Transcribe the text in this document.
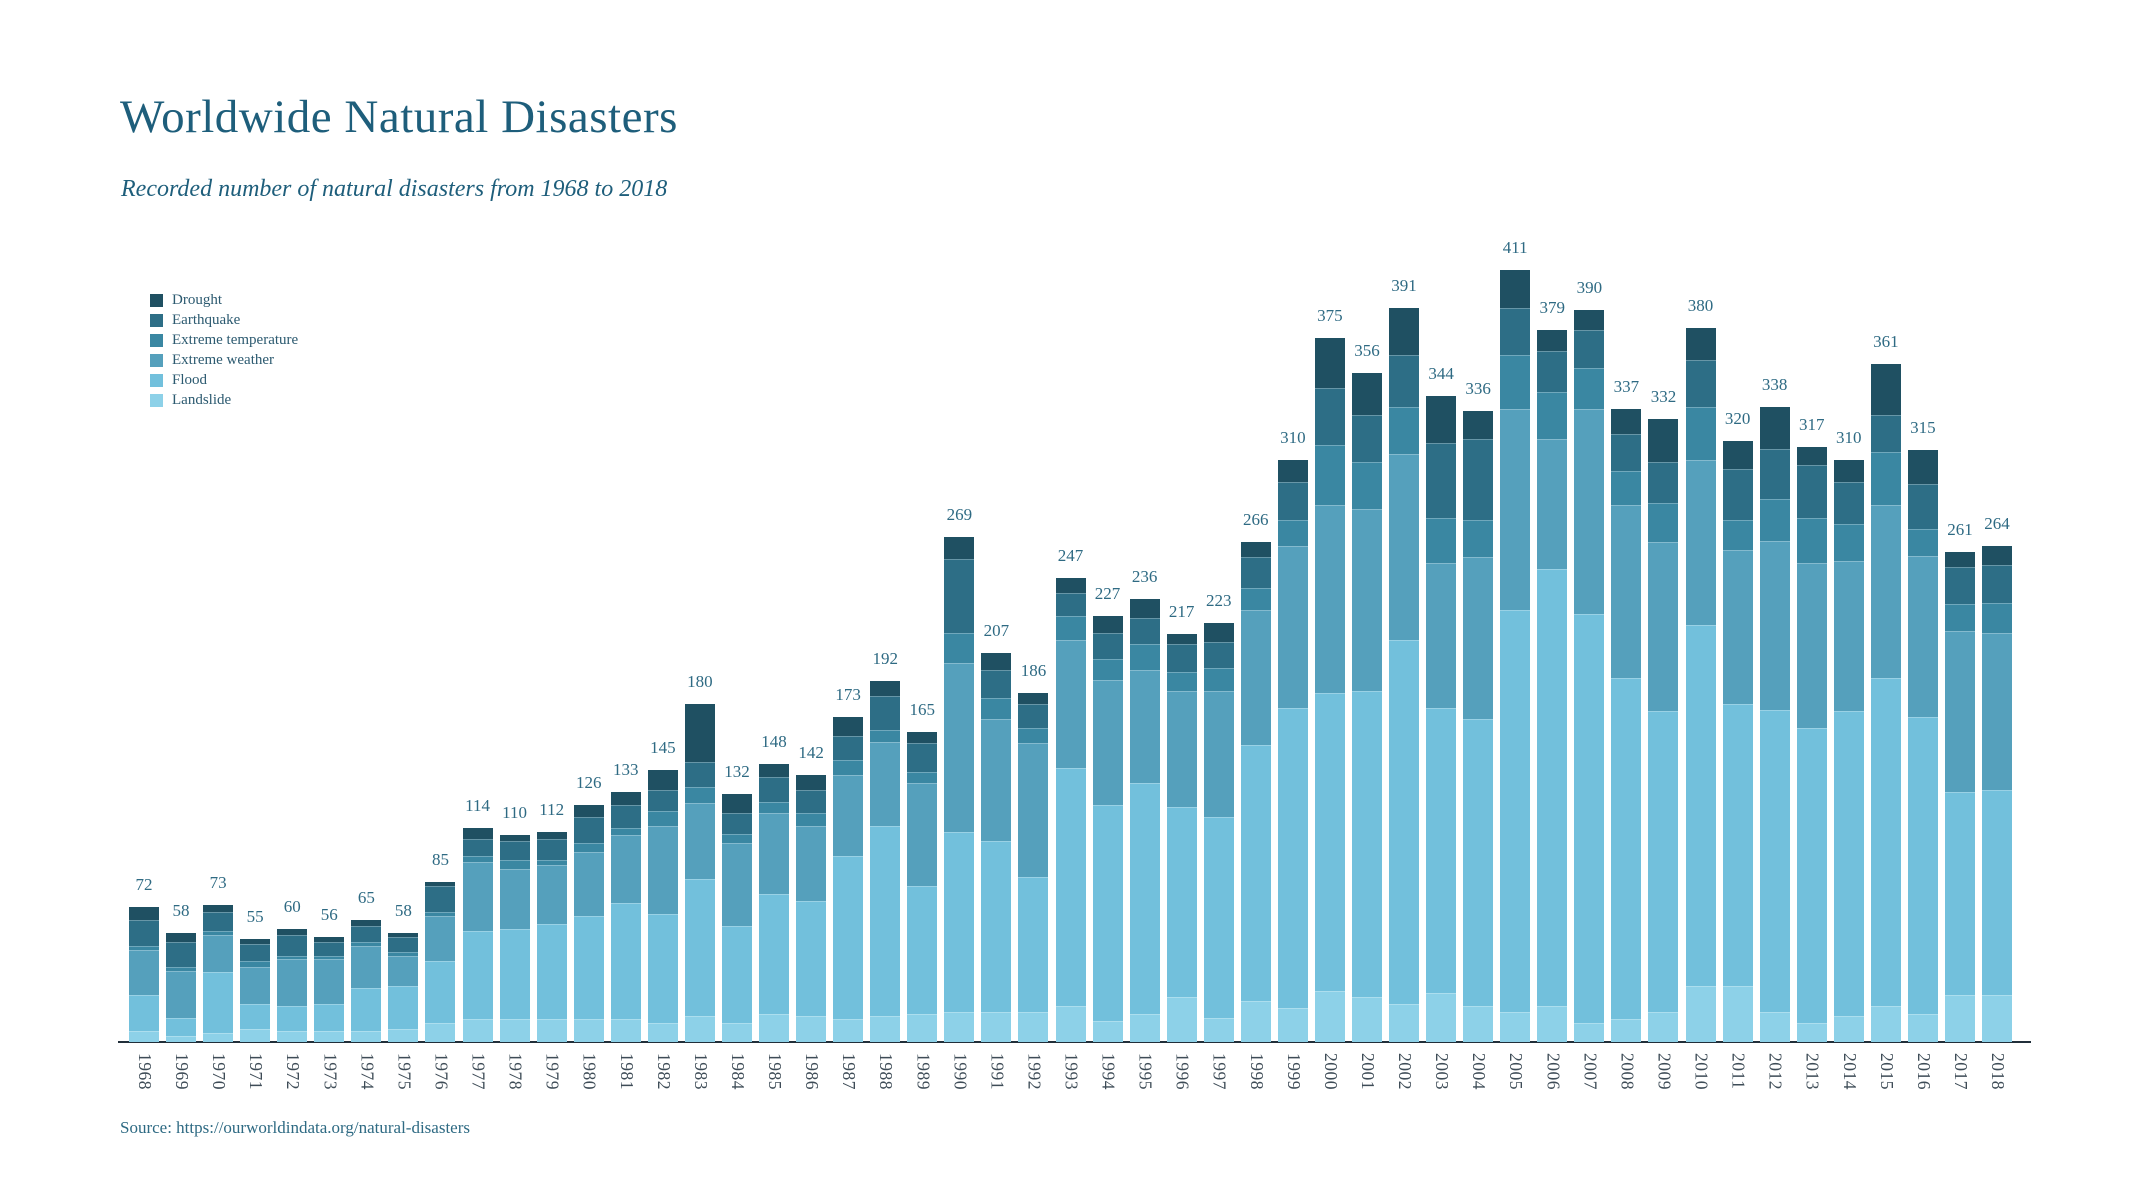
Worldwide Natural Disasters
Recorded number of natural disasters from 1968 to 2018
72
1968
58
1969
73
1970
55
1971
60
1972
56
1973
65
1974
58
1975
85
1976
114
1977
110
1978
112
1979
126
1980
133
1981
145
1982
180
1983
132
1984
148
1985
142
1986
173
1987
192
1988
165
1989
269
1990
207
1991
186
1992
247
1993
227
1994
236
1995
217
1996
223
1997
266
1998
310
1999
375
2000
356
2001
391
2002
344
2003
336
2004
411
2005
379
2006
390
2007
337
2008
332
2009
380
2010
320
2011
338
2012
317
2013
310
2014
361
2015
315
2016
261
2017
264
2018
Drought
Earthquake
Extreme temperature
Extreme weather
Flood
Landslide
Source: https://ourworldindata.org/natural-disasters
